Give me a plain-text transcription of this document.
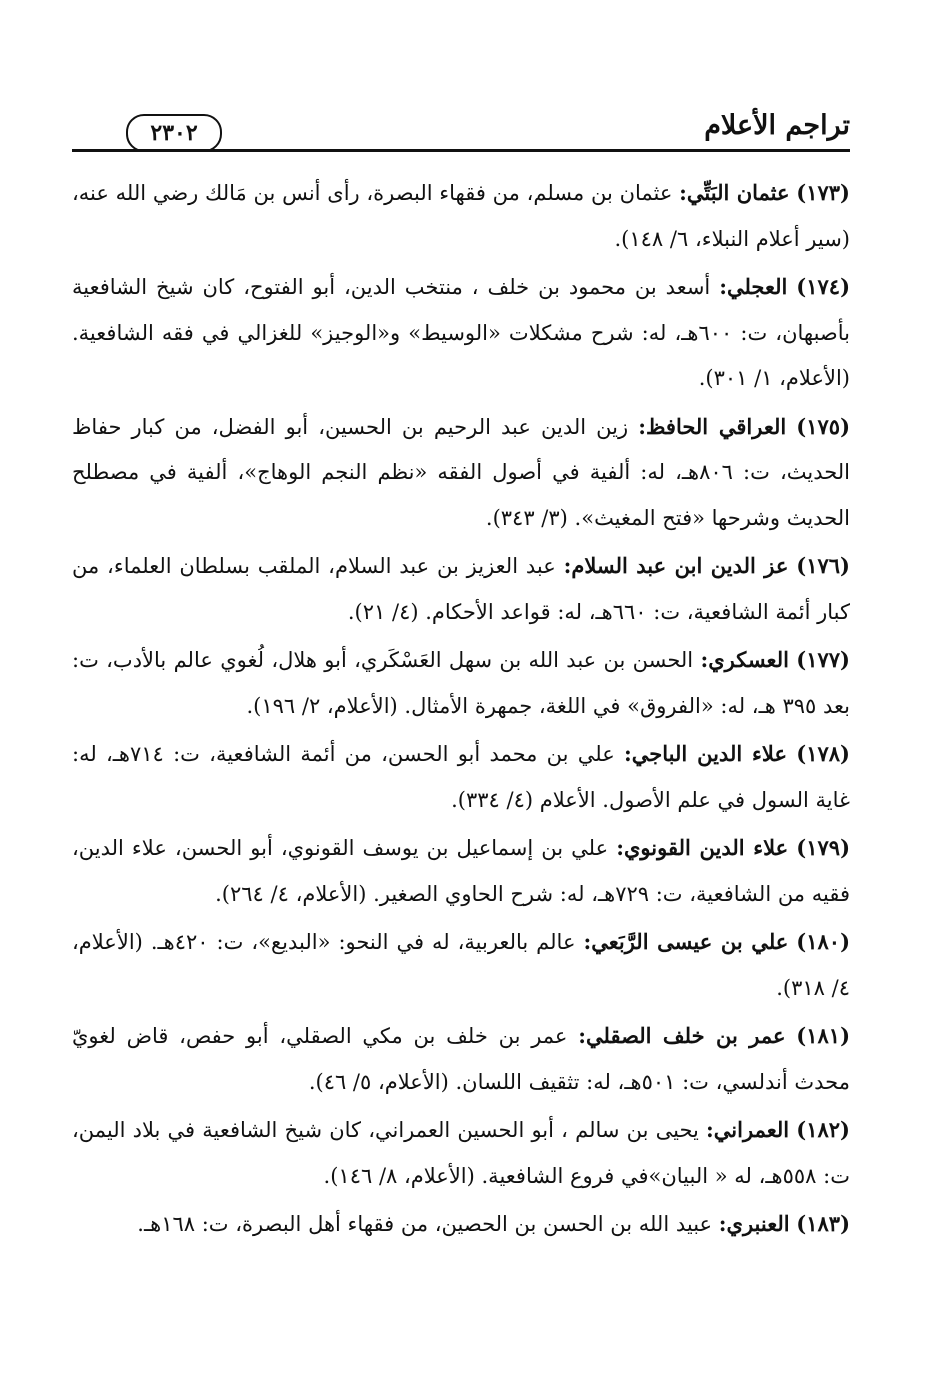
٢٣٠٢	تراجم الأعلام

(١٧٣) عثمان البَتِّي: عثمان بن مسلم، من فقهاء البصرة، رأى أنس بن مَالك رضي الله عنه، (سير أعلام النبلاء، ٦/ ١٤٨).

(١٧٤) العجلي: أسعد بن محمود بن خلف ، منتخب الدين، أبو الفتوح، كان شيخ الشافعية بأصبهان، ت: ٦٠٠هـ، له: شرح مشكلات «الوسيط» و«الوجيز» للغزالي في فقه الشافعية. (الأعلام، ١/ ٣٠١).

(١٧٥) العراقي الحافظ: زين الدين عبد الرحيم بن الحسين، أبو الفضل، من كبار حفاظ الحديث، ت: ٨٠٦هـ، له: ألفية في أصول الفقه «نظم النجم الوهاج»، ألفية في مصطلح الحديث وشرحها «فتح المغيث». (٣/ ٣٤٣).

(١٧٦) عز الدين ابن عبد السلام: عبد العزيز بن عبد السلام، الملقب بسلطان العلماء، من كبار أئمة الشافعية، ت: ٦٦٠هـ، له: قواعد الأحكام. (٤/ ٢١).

(١٧٧) العسكري: الحسن بن عبد الله بن سهل العَسْكَري، أبو هلال، لُغوي عالم بالأدب، ت: بعد ٣٩٥ هـ، له: «الفروق» في اللغة، جمهرة الأمثال. (الأعلام، ٢/ ١٩٦).

(١٧٨) علاء الدين الباجي: علي بن محمد أبو الحسن، من أئمة الشافعية، ت: ٧١٤هـ، له: غاية السول في علم الأصول. الأعلام (٤/ ٣٣٤).

(١٧٩) علاء الدين القونوي: علي بن إسماعيل بن يوسف القونوي، أبو الحسن، علاء الدين، فقيه من الشافعية، ت: ٧٢٩هـ، له: شرح الحاوي الصغير. (الأعلام، ٤/ ٢٦٤).

(١٨٠) علي بن عيسى الرَّبَعي: عالم بالعربية، له في النحو: «البديع»، ت: ٤٢٠هـ. (الأعلام، ٤/ ٣١٨).

(١٨١) عمر بن خلف الصقلي: عمر بن خلف بن مكي الصقلي، أبو حفص، قاض لغويّ محدث أندلسي، ت: ٥٠١هـ، له: تثقيف اللسان. (الأعلام، ٥/ ٤٦).

(١٨٢) العمراني: يحيى بن سالم ، أبو الحسين العمراني، كان شيخ الشافعية في بلاد اليمن، ت: ٥٥٨هـ، له « البيان»في فروع الشافعية. (الأعلام، ٨/ ١٤٦).

(١٨٣) العنبري: عبيد الله بن الحسن بن الحصين، من فقهاء أهل البصرة، ت: ١٦٨هـ.
